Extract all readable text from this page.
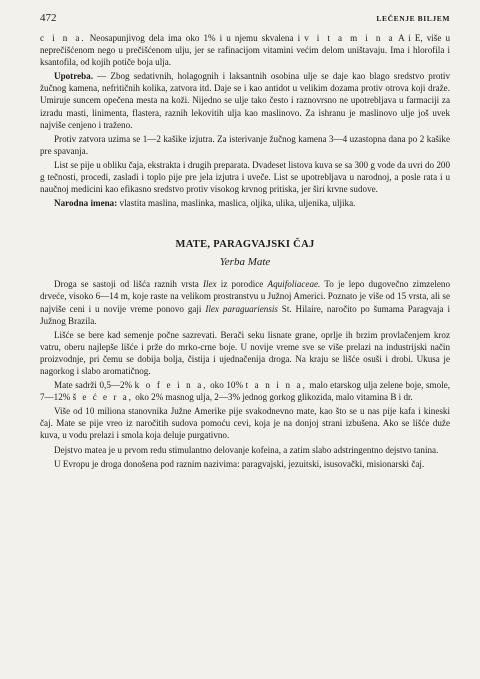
472	LEČENJE BILJEM

c i n a. Neosapunjivog dela ima oko 1% i u njemu skvalena i v i t a m i n a A i E, više u neprečišćenom nego u prečišćenom ulju, jer se rafinacijom vitamini većim delom uništavaju. Ima i hlorofila i ksantofila, od kojih potiče boja ulja.

Upotreba. — Zbog sedativnih, holagognih i laksantnih osobina ulje se daje kao blago sredstvo protiv žučnog kamena, nefritičnih kolika, zatvora itd. Daje se i kao antidot u velikim dozama protiv otrova koji draže. Umiruje suncem opečena mesta na koži. Nijedno se ulje tako često i raznovrsno ne upotrebljava u farmaciji za izradu masti, linimenta, flastera, raznih lekovitih ulja kao maslinovo. Za ishranu je maslinovo ulje još uvek najviše cenjeno i traženo.

Protiv zatvora uzima se 1—2 kašike izjutra. Za isterivanje žučnog kamena 3—4 uzastopna dana po 2 kašike pre spavanja.

List se pije u obliku čaja, ekstrakta i drugih preparata. Dvadeset listova kuva se sa 300 g vode da uvri do 200 g tečnosti, procedi, zasladi i toplo pije pre jela izjutra i uveče. List se upotrebljava u narodnoj, a posle rata i u naučnoj medicini kao efikasno sredstvo protiv visokog krvnog pritiska, jer širi krvne sudove.

Narodna imena: vlastita maslina, maslinka, maslica, oljika, ulika, uljenika, uljika.

MATE, PARAGVAJSKI ČAJ
Yerba Mate

Droga se sastoji od lišća raznih vrsta Ilex iz porodice Aquifoliaceae. To je lepo dugovečno zimzeleno drveće, visoko 6—14 m, koje raste na velikom prostranstvu u Južnoj Americi. Poznato je više od 15 vrsta, ali se najviše ceni i u novije vreme ponovo gaji Ilex paraguariensis St. Hilaire, naročito po šumama Paragvaja i Južnog Brazila.

Lišće se bere kad semenje počne sazrevati. Berači seku lisnate grane, oprlje ih brzim provlačenjem kroz vatru, oberu najlepše lišće i prže do mrko-crne boje. U novije vreme sve se više prelazi na industrijski način proizvodnje, pri čemu se dobija bolja, čistija i ujednačenija droga. Na kraju se lišće osuši i drobi. Ukusa je nagorkog i slabo aromatičnog.

Mate sadrži 0,5—2% k o f e i n a, oko 10% t a n i n a, malo etarskog ulja zelene boje, smole, 7—12% š e ć e r a, oko 2% masnog ulja, 2—3% jednog gorkog glikozida, malo vitamina B i dr.

Više od 10 miliona stanovnika Južne Amerike pije svakodnevno mate, kao što se u nas pije kafa i kineski čaj. Mate se pije vreo iz naročitih sudova pomoću cevi, koja je na donjoj strani izbušena. Ako se lišće duže kuva, u vodu prelazi i smola koja deluje purgativno.

Dejstvo matea je u prvom redu stimulantno delovanje kofeina, a zatim slabo adstringentno dejstvo tanina.

U Evropu je droga donošena pod raznim nazivima: paragvajski, jezuitski, isusovački, misionarski čaj.
